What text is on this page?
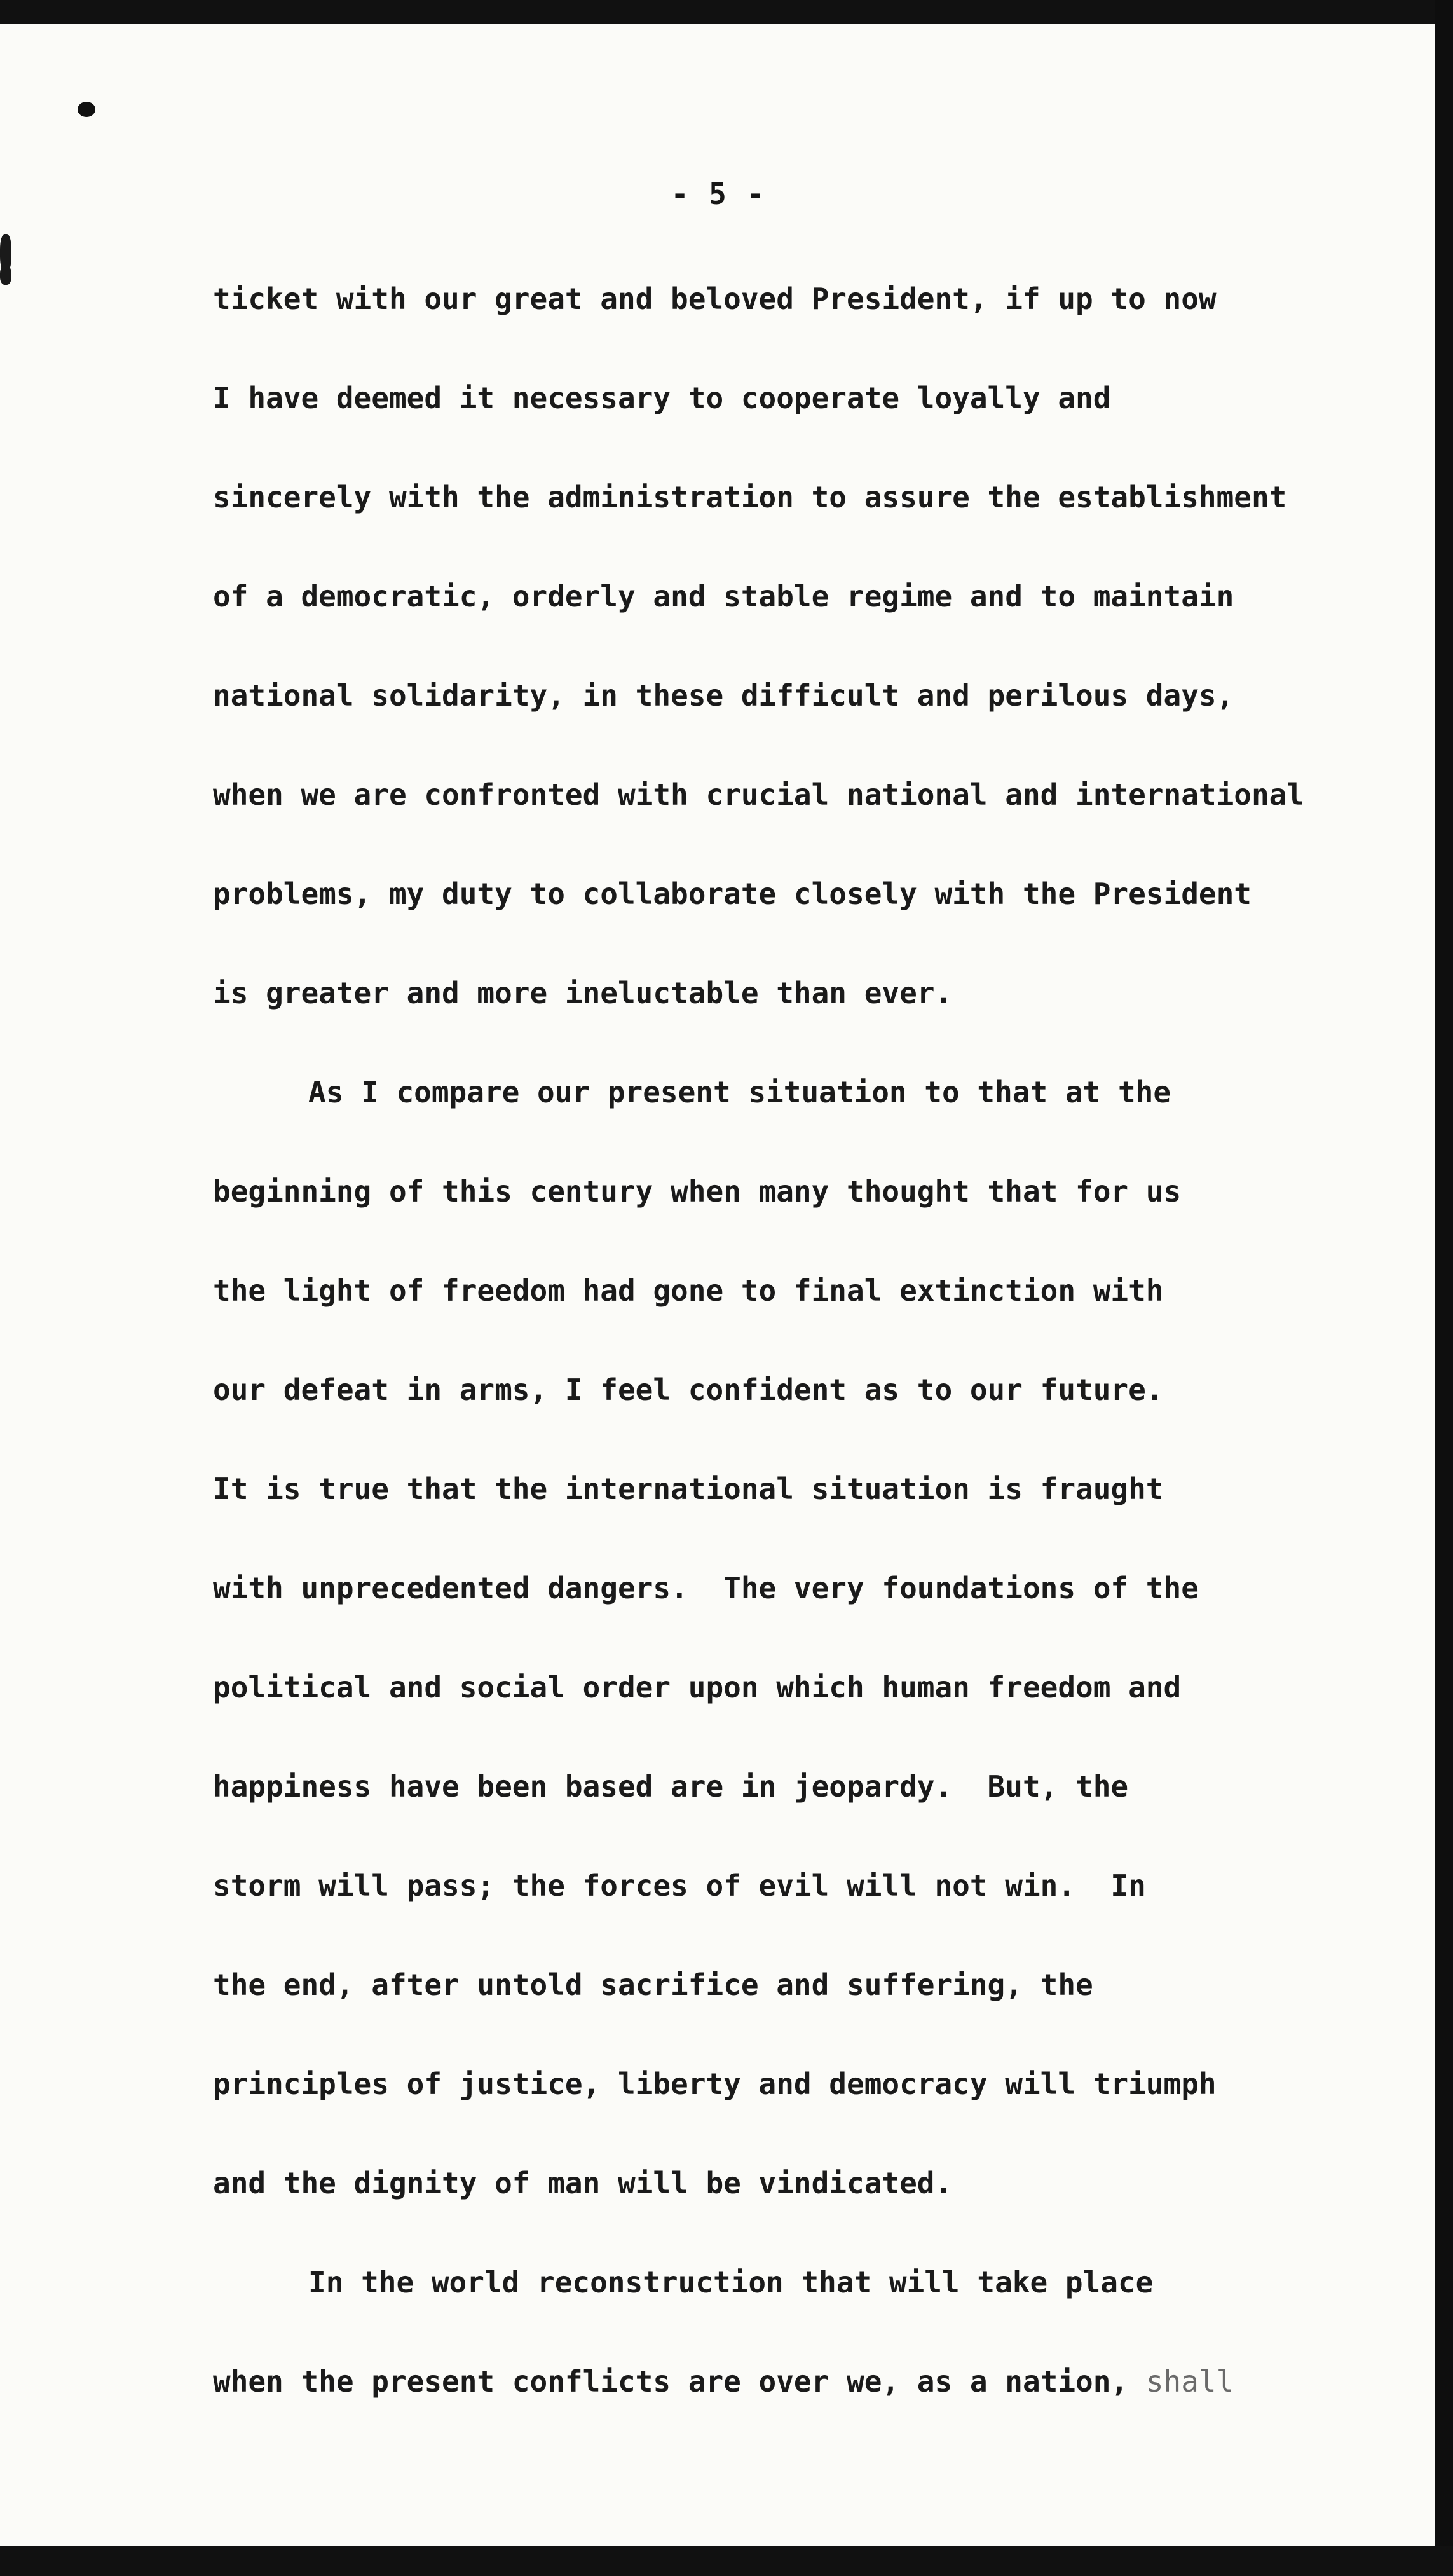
- 5 -

ticket with our great and beloved President, if up to now
I have deemed it necessary to cooperate loyally and
sincerely with the administration to assure the establishment
of a democratic, orderly and stable regime and to maintain
national solidarity, in these difficult and perilous days,
when we are confronted with crucial national and international
problems, my duty to collaborate closely with the President
is greater and more ineluctable than ever.
As I compare our present situation to that at the
beginning of this century when many thought that for us
the light of freedom had gone to final extinction with
our defeat in arms, I feel confident as to our future.
It is true that the international situation is fraught
with unprecedented dangers.  The very foundations of the
political and social order upon which human freedom and
happiness have been based are in jeopardy.  But, the
storm will pass; the forces of evil will not win.  In
the end, after untold sacrifice and suffering, the
principles of justice, liberty and democracy will triumph
and the dignity of man will be vindicated.
In the world reconstruction that will take place
when the present conflicts are over we, as a nation, shall
